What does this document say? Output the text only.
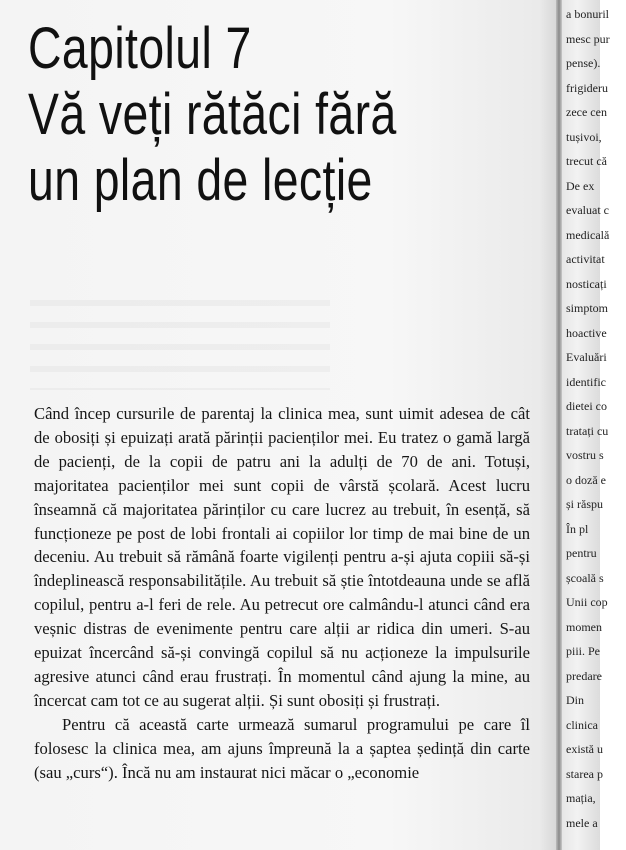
Capitolul 7
Vă veți rătăci fără
un plan de lecție

Când încep cursurile de parentaj la clinica mea, sunt uimit adesea de cât de obosiți și epuizați arată părinții pacienților mei. Eu tratez o gamă largă de pacienți, de la copii de patru ani la adulți de 70 de ani. Totuși, majoritatea pacienților mei sunt copii de vârstă școlară. Acest lucru înseamnă că majoritatea părinților cu care lucrez au trebuit, în esență, să funcționeze pe post de lobi frontali ai copiilor lor timp de mai bine de un deceniu. Au trebuit să rămână foarte vigilenți pentru a-și ajuta copiii să-și îndeplinească responsabilitățile. Au trebuit să știe întotdeauna unde se află copilul, pentru a-l feri de rele. Au petrecut ore calmându-l atunci când era veșnic distras de evenimente pentru care alții ar ridica din umeri. S-au epuizat încercând să-și convingă copilul să nu acționeze la impulsurile agresive atunci când erau frustrați. În momentul când ajung la mine, au încercat cam tot ce au sugerat alții. Și sunt obosiți și frustrați.

Pentru că această carte urmează sumarul programului pe care îl folosesc la clinica mea, am ajuns împreună la a șaptea ședință din carte (sau „curs“). Încă nu am instaurat nici măcar o „economie

a bonuril
mesc pur
pense).
frigideru
zece cen
tușivoi,
trecut că
De ex
evaluat c
medicală
activitat
nosticați
simptom
hoactive
Evaluări
identific
dietei co
tratați cu
vostru s
o doză e
și răspu
În pl
pentru
școală s
Unii cop
momen
piii. Pe
predare
Din
clinica
există u
starea p
mația,
mele a
